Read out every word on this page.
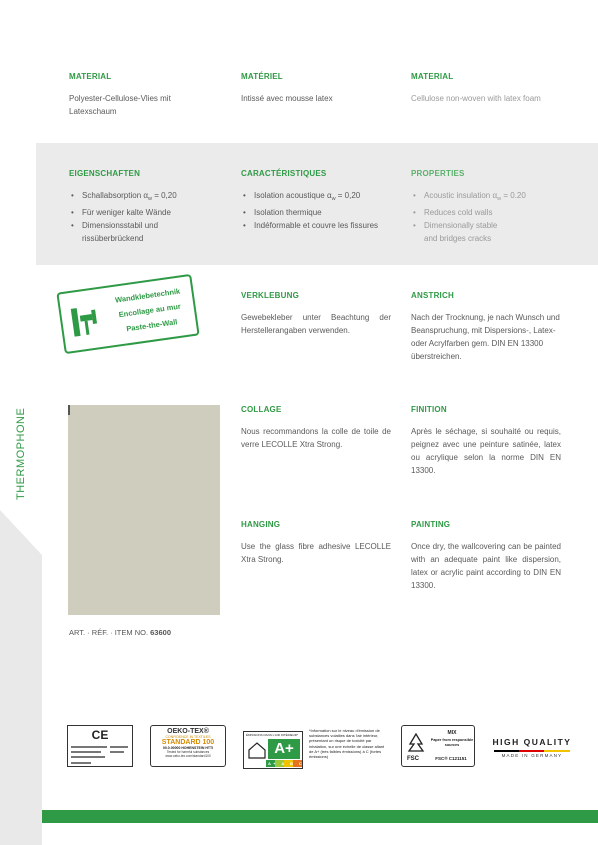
THERMOPHONE
MATERIAL
Polyester-Cellulose-Vlies mit Latexschaum
MATÉRIEL
Intissé avec mousse latex
MATERIAL
Cellulose non-woven with latex foam
EIGENSCHAFTEN
• Schallabsorption $\alpha_w = 0,20$
• Für weniger kalte Wände
• Dimensionsstabil und rissüberbrückend
CARACTÉRISTIQUES
• Isolation acoustique $\alpha_w = 0,20$
• Isolation thermique
• Indéformable et couvre les fissures
PROPERTIES
• Acoustic insulation $\alpha_w = 0.20$
• Reduces cold walls
• Dimensionally stable and bridges cracks
Wandklebetechnik
Encollage au mur
Paste-the-Wall
VERKLEBUNG
Gewebekleber unter Beachtung der Herstellerangaben verwenden.
ANSTRICH
Nach der Trocknung, je nach Wunsch und Beanspruchung, mit Dispersions-, Latex- oder Acrylfarben gem. DIN EN 13300 überstreichen.
COLLAGE
Nous recommandons la colle de toile de verre LECOLLE Xtra Strong.
FINITION
Après le séchage, si souhaité ou requis, peignez avec une peinture satinée, latex ou acrylique selon la norme DIN EN 13300.
HANGING
Use the glass fibre adhesive LECOLLE Xtra Strong.
PAINTING
Once dry, the wallcovering can be painted with an adequate paint like dispersion, latex or acrylic paint according to DIN EN 13300.
ART. · RÉF. · ITEM NO. 63600
CE	OEKO-TEX®
CONFIDENCE IN TEXTILES
STANDARD 100
00.0.00000 HOHENSTEIN HTTI
Tested for harmful substances
www.oeko-tex.com/standard100
ÉMISSIONS DANS L'AIR INTÉRIEUR*
A+
A+ A B C
*Information sur le niveau d'émission de substances volatiles dans l'air intérieur, présentant un risque de toxicité par inhalation, sur une échelle de classe allant de A+ (très faibles émissions) à C (fortes émissions)	FSC
MIX
Paper from responsible sources
FSC® C121151
HIGH QUALITY
MADE IN GERMANY
